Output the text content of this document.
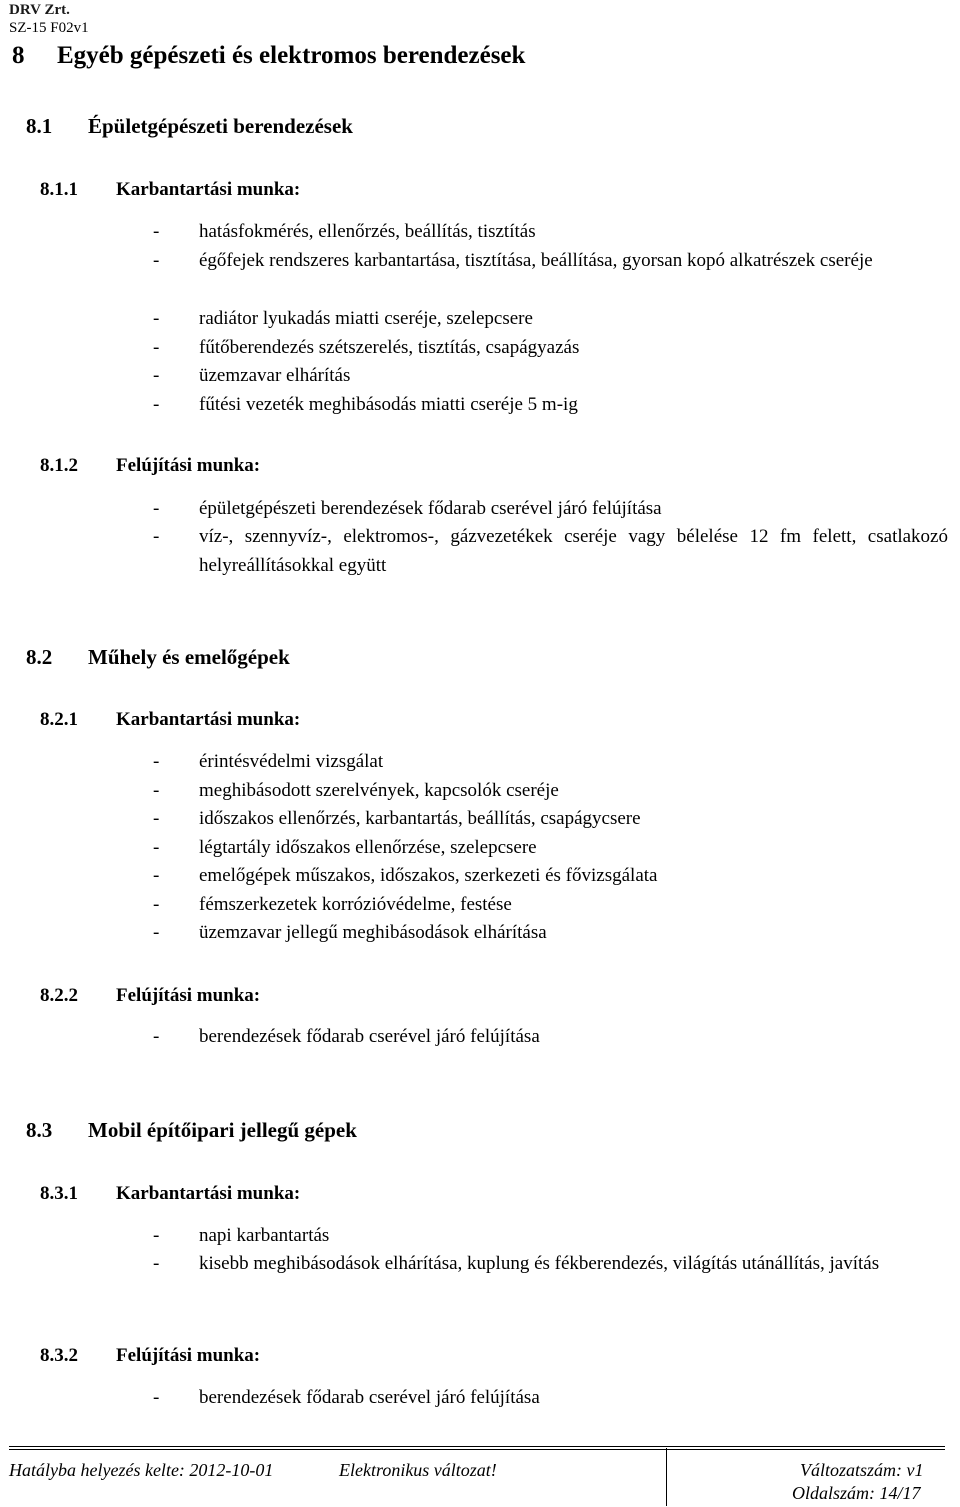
DRV Zrt.
SZ-15 F02v1
8 Egyéb gépészeti és elektromos berendezések
8.1 Épületgépészeti berendezések
8.1.1 Karbantartási munka:
- hatásfokmérés, ellenőrzés, beállítás, tisztítás
-	égőfejek rendszeres karbantartása, tisztítása, beállítása, gyorsan kopó alkatrészek cseréje
- radiátor lyukadás miatti cseréje, szelepcsere
- fűtőberendezés szétszerelés, tisztítás, csapágyazás
- üzemzavar elhárítás
- fűtési vezeték meghibásodás miatti cseréje 5 m-ig
8.1.2 Felújítási munka:
- épületgépészeti berendezések fődarab cserével járó felújítása
-	víz-, szennyvíz-, elektromos-, gázvezetékek cseréje vagy bélelése 12 fm felett, csatlakozó helyreállításokkal együtt
8.2 Műhely és emelőgépek
8.2.1 Karbantartási munka:
- érintésvédelmi vizsgálat
- meghibásodott szerelvények, kapcsolók cseréje
- időszakos ellenőrzés, karbantartás, beállítás, csapágycsere
- légtartály időszakos ellenőrzése, szelepcsere
- emelőgépek műszakos, időszakos, szerkezeti és fővizsgálata
- fémszerkezetek korrózióvédelme, festése
- üzemzavar jellegű meghibásodások elhárítása
8.2.2 Felújítási munka:
- berendezések fődarab cserével járó felújítása
8.3 Mobil építőipari jellegű gépek
8.3.1 Karbantartási munka:
- napi karbantartás
-	kisebb meghibásodások elhárítása, kuplung és fékberendezés, világítás utánállítás, javítás
8.3.2 Felújítási munka:
- berendezések fődarab cserével járó felújítása
Hatályba helyezés kelte: 2012-10-01	Elektronikus változat!	Változatszám: v1
Oldalszám: 14/17
